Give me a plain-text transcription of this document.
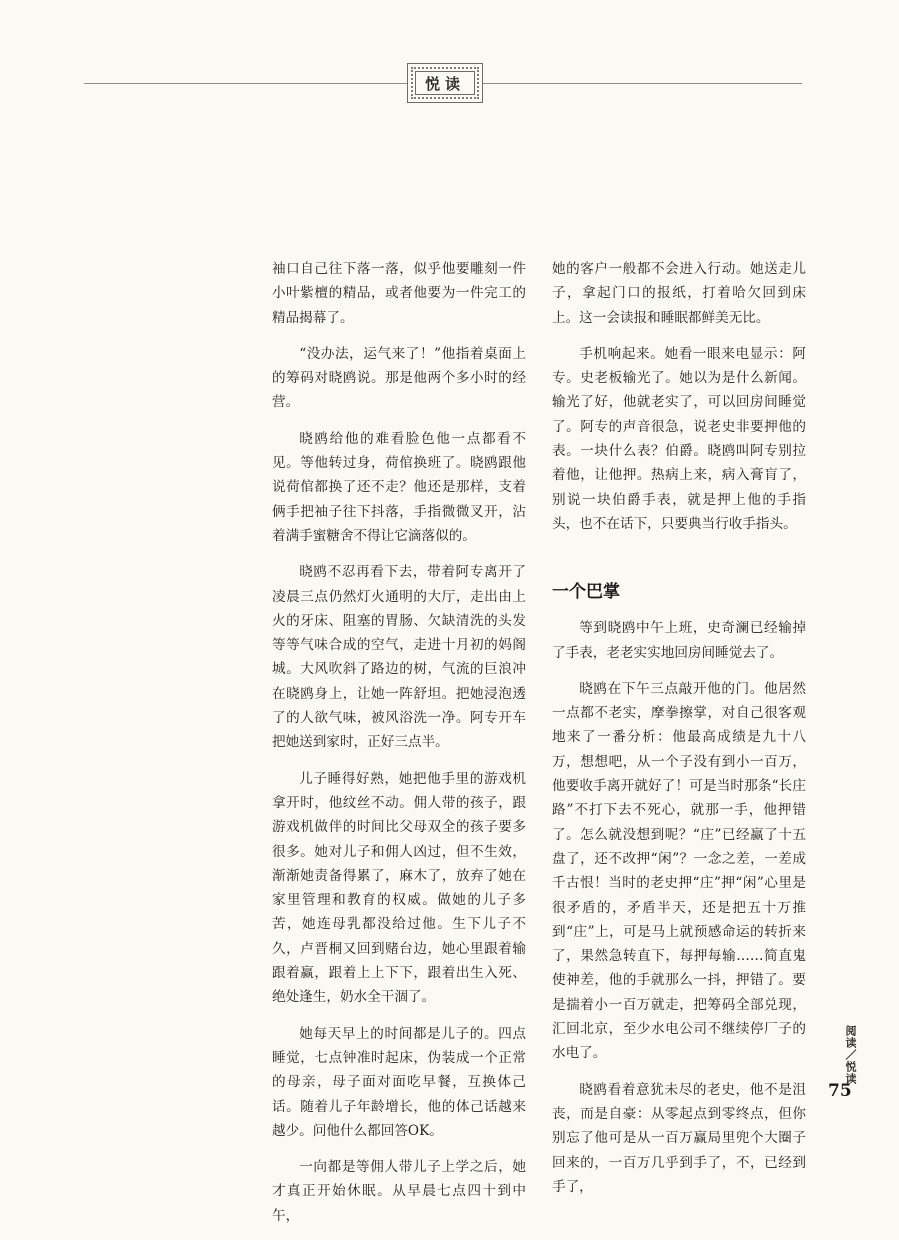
悦读

袖口自己往下落一落，似乎他要雕刻一件小叶紫檀的精品，或者他要为一件完工的精品揭幕了。

“没办法，运气来了！”他指着桌面上的筹码对晓鸥说。那是他两个多小时的经营。

晓鸥给他的难看脸色他一点都看不见。等他转过身，荷倌换班了。晓鸥跟他说荷倌都换了还不走？他还是那样，支着俩手把袖子往下抖落，手指微微叉开，沾着满手蜜糖舍不得让它滴落似的。

晓鸥不忍再看下去，带着阿专离开了凌晨三点仍然灯火通明的大厅，走出由上火的牙床、阻塞的胃肠、欠缺清洗的头发等等气味合成的空气，走进十月初的妈阁城。大风吹斜了路边的树，气流的巨浪冲在晓鸥身上，让她一阵舒坦。把她浸泡透了的人欲气味，被风浴洗一净。阿专开车把她送到家时，正好三点半。

儿子睡得好熟，她把他手里的游戏机拿开时，他纹丝不动。佣人带的孩子，跟游戏机做伴的时间比父母双全的孩子要多很多。她对儿子和佣人凶过，但不生效，渐渐她责备得累了，麻木了，放弃了她在家里管理和教育的权威。做她的儿子多苦，她连母乳都没给过他。生下儿子不久，卢晋桐又回到赌台边，她心里跟着输跟着赢，跟着上上下下，跟着出生入死、绝处逢生，奶水全干涸了。

她每天早上的时间都是儿子的。四点睡觉，七点钟准时起床，伪装成一个正常的母亲，母子面对面吃早餐，互换体己话。随着儿子年龄增长，他的体己话越来越少。问他什么都回答OK。

一向都是等佣人带儿子上学之后，她才真正开始休眠。从早晨七点四十到中午，

她的客户一般都不会进入行动。她送走儿子，拿起门口的报纸，打着哈欠回到床上。这一会读报和睡眠都鲜美无比。

手机响起来。她看一眼来电显示：阿专。史老板输光了。她以为是什么新闻。输光了好，他就老实了，可以回房间睡觉了。阿专的声音很急，说老史非要押他的表。一块什么表？伯爵。晓鸥叫阿专别拉着他，让他押。热病上来，病入膏肓了，别说一块伯爵手表，就是押上他的手指头，也不在话下，只要典当行收手指头。

一个巴掌

等到晓鸥中午上班，史奇澜已经输掉了手表，老老实实地回房间睡觉去了。

晓鸥在下午三点敲开他的门。他居然一点都不老实，摩拳擦掌，对自己很客观地来了一番分析：他最高成绩是九十八万，想想吧，从一个子没有到小一百万，他要收手离开就好了！可是当时那条“长庄路”不打下去不死心，就那一手，他押错了。怎么就没想到呢？“庄”已经赢了十五盘了，还不改押“闲”？一念之差，一差成千古恨！当时的老史押“庄”押“闲”心里是很矛盾的，矛盾半天，还是把五十万推到“庄”上，可是马上就预感命运的转折来了，果然急转直下，每押每输……简直鬼使神差，他的手就那么一抖，押错了。要是揣着小一百万就走，把筹码全部兑现，汇回北京，至少水电公司不继续停厂子的水电了。

晓鸥看着意犹未尽的老史，他不是沮丧，而是自豪：从零起点到零终点，但你别忘了他可是从一百万赢局里兜个大圈子回来的，一百万几乎到手了，不，已经到手了，

阅读／悦读
75
